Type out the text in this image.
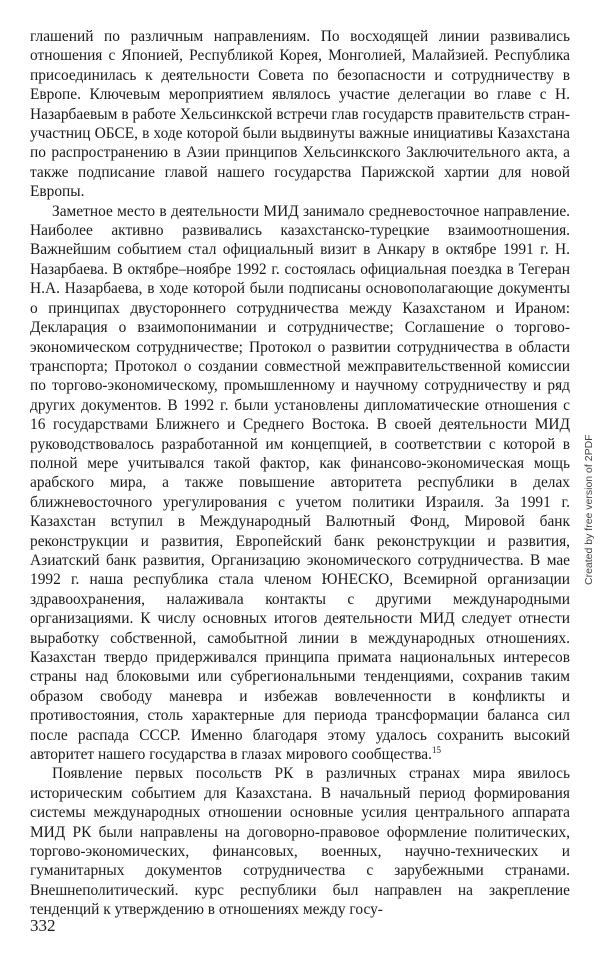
глашений по различным направлениям. По восходящей линии развивались отношения с Японией, Республикой Корея, Монголией, Малайзией. Республика присоединилась к деятельности Совета по безопасности и сотрудничеству в Европе. Ключевым мероприятием являлось участие делегации во главе с Н. Назарбаевым в работе Хельсинкской встречи глав государств правительств стран-участниц ОБСЕ, в ходе которой были выдвинуты важные инициативы Казахстана по распространению в Азии принципов Хельсинкского Заключительного акта, а также подписание главой нашего государства Парижской хартии для новой Европы.

Заметное место в деятельности МИД занимало средневосточное направление. Наиболее активно развивались казахстанско-турецкие взаимоотношения. Важнейшим событием стал официальный визит в Анкару в октябре 1991 г. Н. Назарбаева. В октябре–ноябре 1992 г. состоялась официальная поездка в Тегеран Н.А. Назарбаева, в ходе которой были подписаны основополагающие документы о принципах двустороннего сотрудничества между Казахстаном и Ираном: Декларация о взаимопонимании и сотрудничестве; Соглашение о торгово-экономическом сотрудничестве; Протокол о развитии сотрудничества в области транспорта; Протокол о создании совместной межправительственной комиссии по торгово-экономическому, промышленному и научному сотрудничеству и ряд других документов. В 1992 г. были установлены дипломатические отношения с 16 государствами Ближнего и Среднего Востока. В своей деятельности МИД руководствовалось разработанной им концепцией, в соответствии с которой в полной мере учитывался такой фактор, как финансово-экономическая мощь арабского мира, а также повышение авторитета республики в делах ближневосточного урегулирования с учетом политики Израиля. За 1991 г. Казахстан вступил в Международный Валютный Фонд, Мировой банк реконструкции и развития, Европейский банк реконструкции и развития, Азиатский банк развития, Организацию экономического сотрудничества. В мае 1992 г. наша республика стала членом ЮНЕСКО, Всемирной организации здравоохранения, налаживала контакты с другими международными организациями. К числу основных итогов деятельности МИД следует отнести выработку собственной, самобытной линии в международных отношениях. Казахстан твердо придерживался принципа примата национальных интересов страны над блоковыми или субрегиональными тенденциями, сохранив таким образом свободу маневра и избежав вовлеченности в конфликты и противостояния, столь характерные для периода трансформации баланса сил после распада СССР. Именно благодаря этому удалось сохранить высокий авторитет нашего государства в глазах мирового сообщества.$^{15}$

Появление первых посольств РК в различных странах мира явилось историческим событием для Казахстана. В начальный период формирования системы международных отношении основные усилия центрального аппарата МИД РК были направлены на договорно-правовое оформление политических, торгово-экономических, финансовых, военных, научно-технических и гуманитарных документов сотрудничества с зарубежными странами. Внешнеполитический. курс республики был направлен на закрепление тенденций к утверждению в отношениях между госу-

332
Created by free version of 2PDF
